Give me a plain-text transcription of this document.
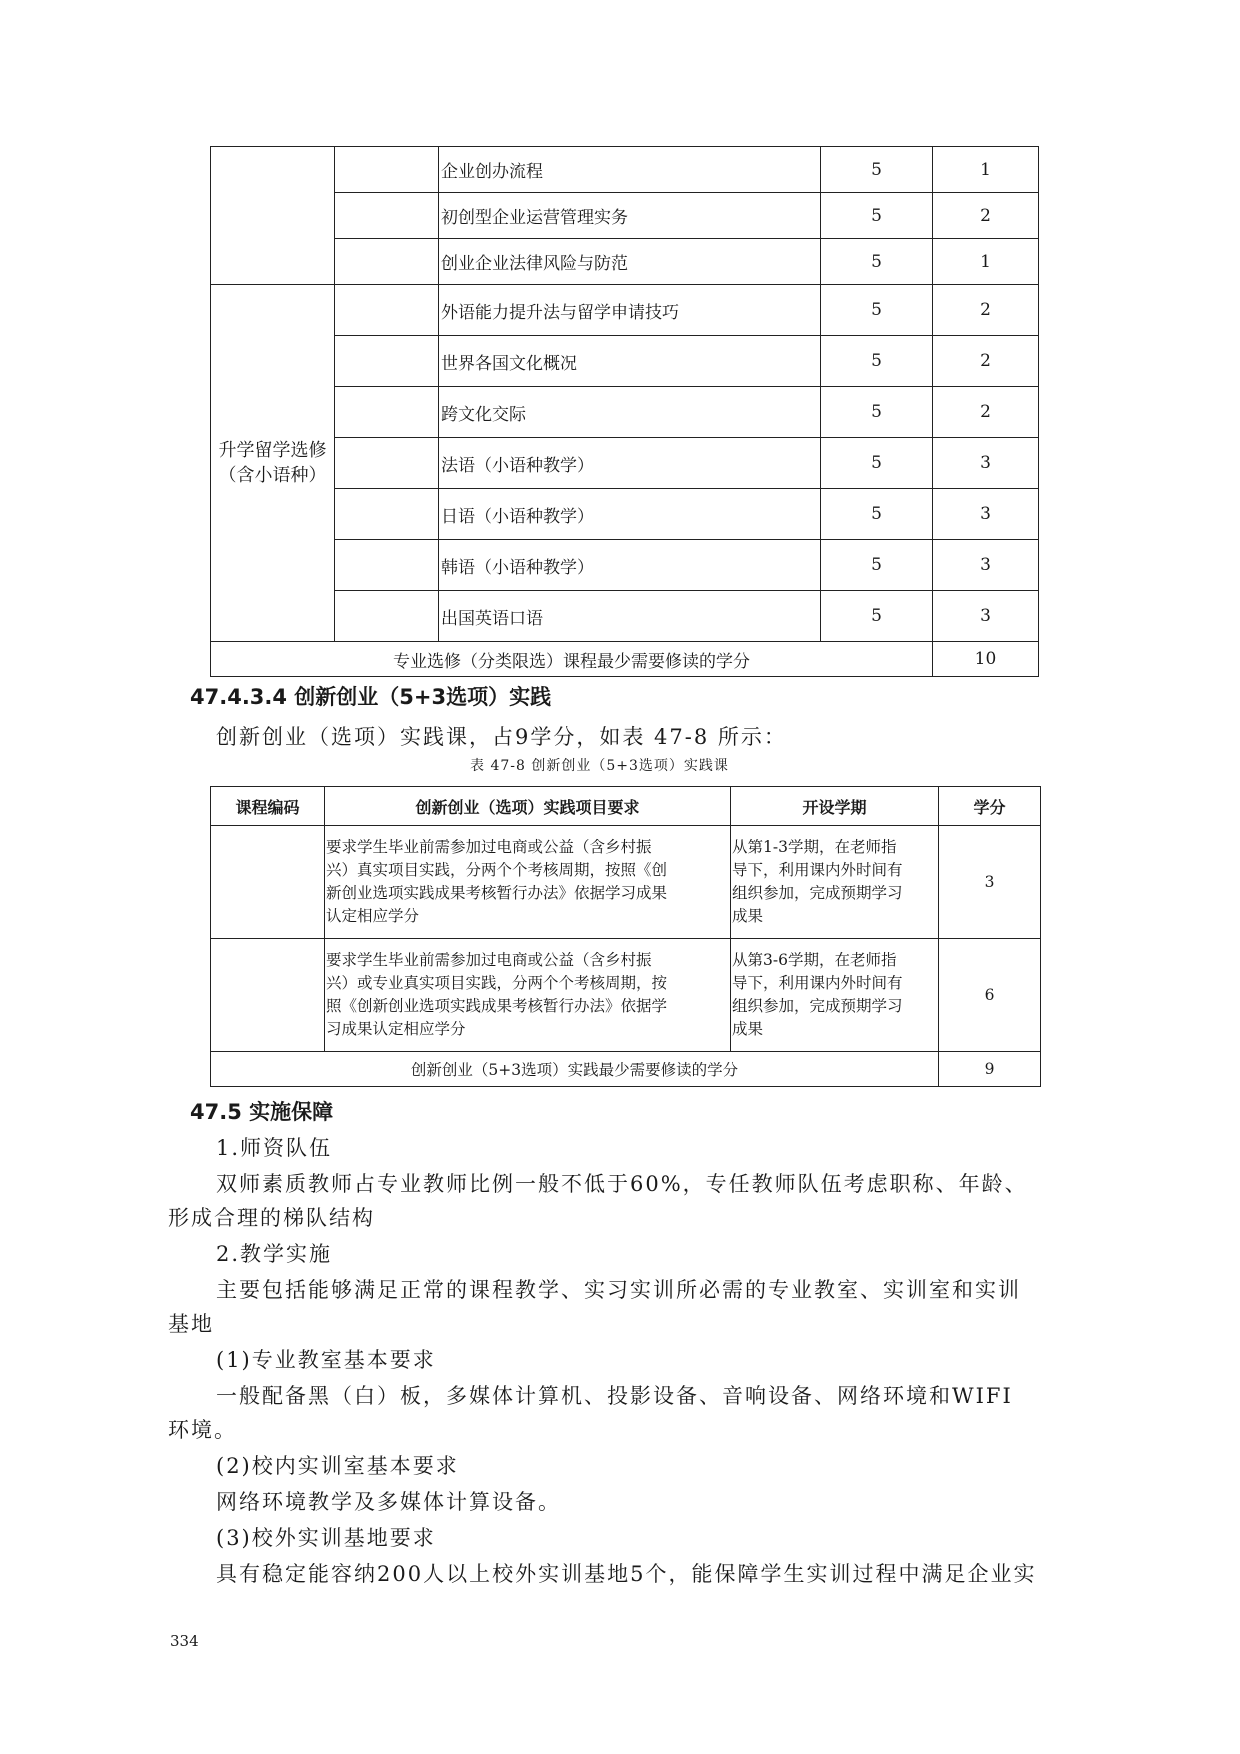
		企业创办流程	5	1
		初创型企业运营管理实务	5	2
		创业企业法律风险与防范	5	1
升学留学选修
（含小语种）		外语能力提升法与留学申请技巧	5	2
		世界各国文化概况	5	2
		跨文化交际	5	2
		法语（小语种教学）	5	3
		日语（小语种教学）	5	3
		韩语（小语种教学）	5	3
		出国英语口语	5	3
专业选修（分类限选）课程最少需要修读的学分				10
47.4.3.4 创新创业（5+3选项）实践
创新创业（选项）实践课，占9学分，如表 47-8 所示：
表 47-8 创新创业（5+3选项）实践课
课程编码	创新创业（选项）实践项目要求	开设学期	学分
	要求学生毕业前需参加过电商或公益（含乡村振
兴）真实项目实践，分两个个考核周期，按照《创
新创业选项实践成果考核暂行办法》依据学习成果
认定相应学分	从第1-3学期，在老师指
导下，利用课内外时间有
组织参加，完成预期学习
成果	3
	要求学生毕业前需参加过电商或公益（含乡村振
兴）或专业真实项目实践，分两个个考核周期，按
照《创新创业选项实践成果考核暂行办法》依据学
习成果认定相应学分	从第3-6学期，在老师指
导下，利用课内外时间有
组织参加，完成预期学习
成果	6
创新创业（5+3选项）实践最少需要修读的学分			9
47.5 实施保障
1.师资队伍
双师素质教师占专业教师比例一般不低于60%，专任教师队伍考虑职称、年龄、
形成合理的梯队结构
2.教学实施
主要包括能够满足正常的课程教学、实习实训所必需的专业教室、实训室和实训
基地
(1)专业教室基本要求
一般配备黑（白）板，多媒体计算机、投影设备、音响设备、网络环境和WIFI
环境。
(2)校内实训室基本要求
网络环境教学及多媒体计算设备。
(3)校外实训基地要求
具有稳定能容纳200人以上校外实训基地5个，能保障学生实训过程中满足企业实
334
